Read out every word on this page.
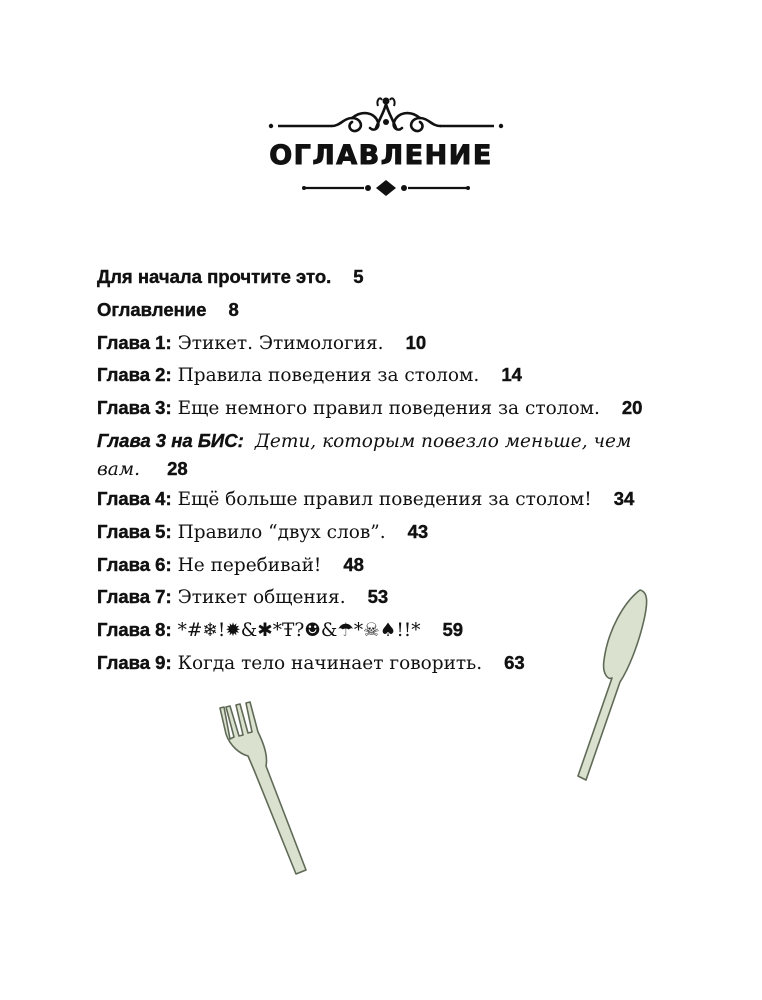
ОГЛАВЛЕНИЕ
Для начала прочтите это. 5
Оглавление 8
Глава 1: Этикет. Этимология. 10
Глава 2: Правила поведения за столом. 14
Глава 3: Еще немного правил поведения за столом. 20
Глава 3 на БИС: Дети, которым повезло меньше, чем вам. 28
Глава 4: Ещё больше правил поведения за столом! 34
Глава 5: Правило “двух слов”. 43
Глава 6: Не перебивай! 48
Глава 7: Этикет общения. 53
Глава 8: *#❄!✹&✱*Ŧ?☻&☂*☠♠!!* 59
Глава 9: Когда тело начинает говорить. 63
